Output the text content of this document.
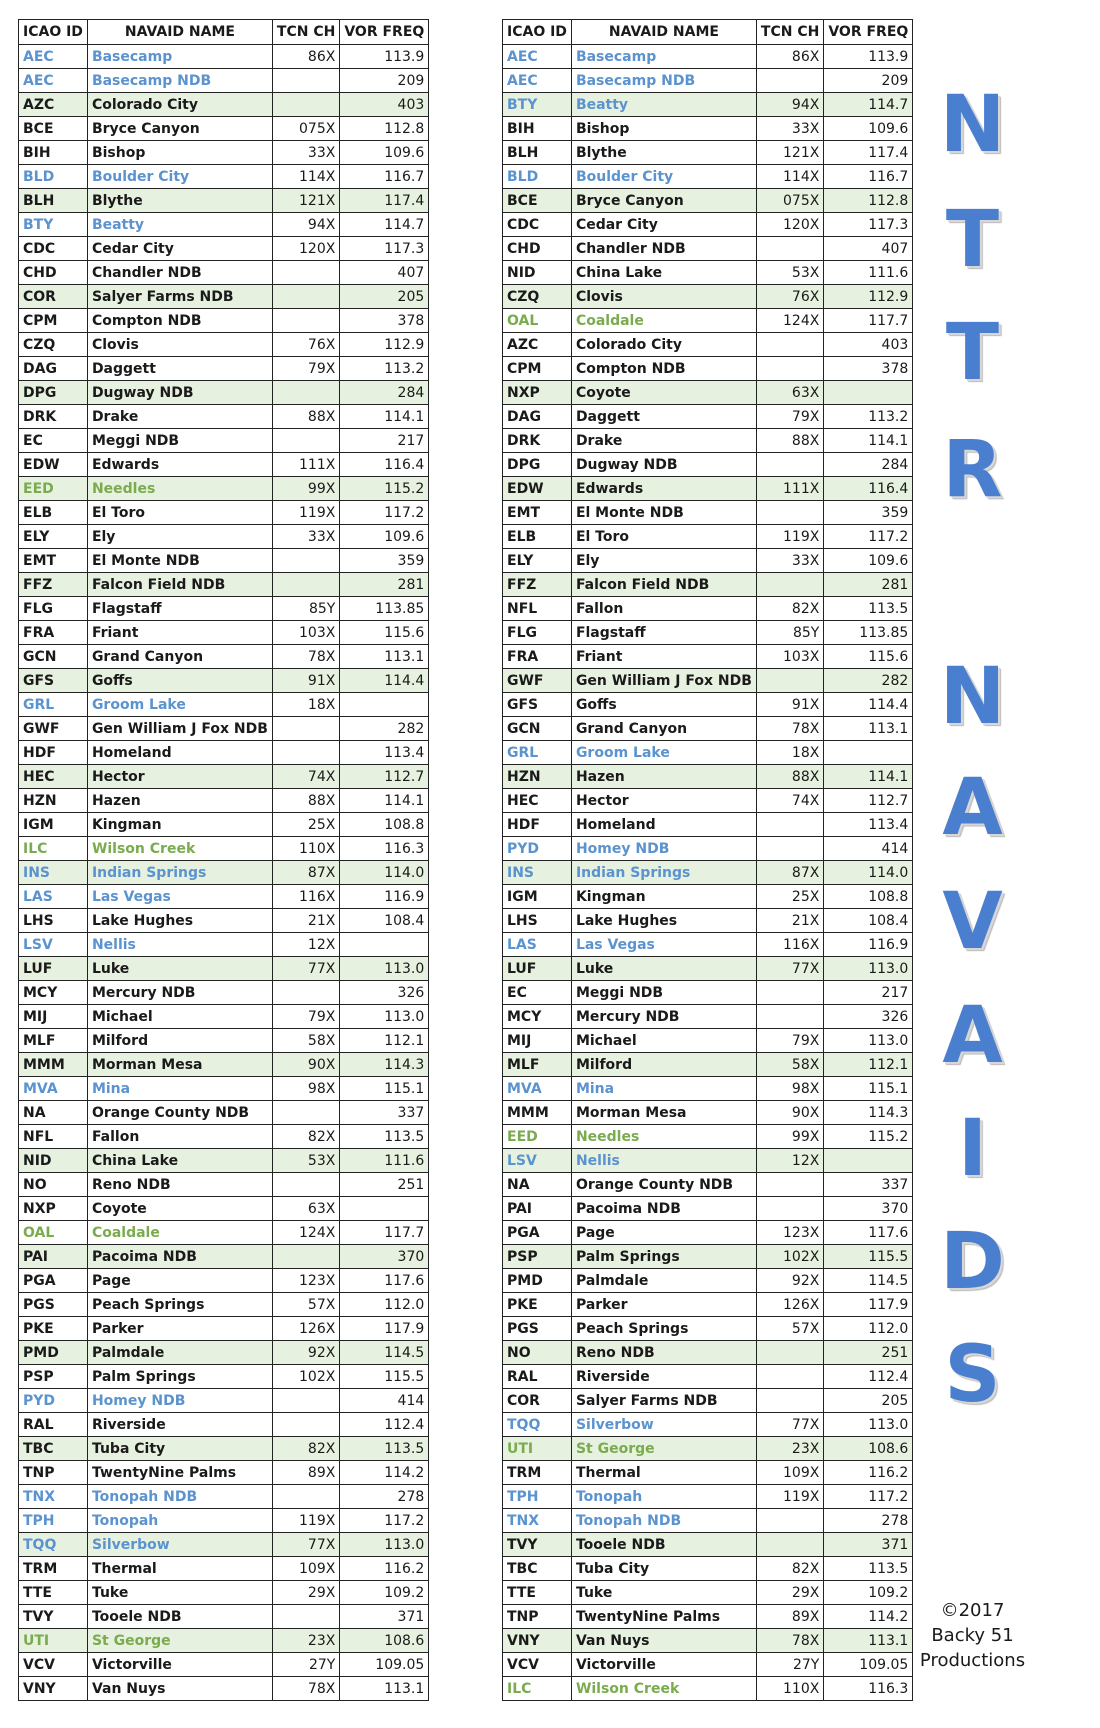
ICAO ID	NAVAID NAME	TCN CH	VOR FREQ
AEC	Basecamp	86X	113.9
AEC	Basecamp NDB		209
AZC	Colorado City		403
BCE	Bryce Canyon	075X	112.8
BIH	Bishop	33X	109.6
BLD	Boulder City	114X	116.7
BLH	Blythe	121X	117.4
BTY	Beatty	94X	114.7
CDC	Cedar City	120X	117.3
CHD	Chandler NDB		407
COR	Salyer Farms NDB		205
CPM	Compton NDB		378
CZQ	Clovis	76X	112.9
DAG	Daggett	79X	113.2
DPG	Dugway NDB		284
DRK	Drake	88X	114.1
EC	Meggi NDB		217
EDW	Edwards	111X	116.4
EED	Needles	99X	115.2
ELB	El Toro	119X	117.2
ELY	Ely	33X	109.6
EMT	El Monte NDB		359
FFZ	Falcon Field NDB		281
FLG	Flagstaff	85Y	113.85
FRA	Friant	103X	115.6
GCN	Grand Canyon	78X	113.1
GFS	Goffs	91X	114.4
GRL	Groom Lake	18X	
GWF	Gen William J Fox NDB		282
HDF	Homeland		113.4
HEC	Hector	74X	112.7
HZN	Hazen	88X	114.1
IGM	Kingman	25X	108.8
ILC	Wilson Creek	110X	116.3
INS	Indian Springs	87X	114.0
LAS	Las Vegas	116X	116.9
LHS	Lake Hughes	21X	108.4
LSV	Nellis	12X	
LUF	Luke	77X	113.0
MCY	Mercury NDB		326
MIJ	Michael	79X	113.0
MLF	Milford	58X	112.1
MMM	Morman Mesa	90X	114.3
MVA	Mina	98X	115.1
NA	Orange County NDB		337
NFL	Fallon	82X	113.5
NID	China Lake	53X	111.6
NO	Reno NDB		251
NXP	Coyote	63X	
OAL	Coaldale	124X	117.7
PAI	Pacoima NDB		370
PGA	Page	123X	117.6
PGS	Peach Springs	57X	112.0
PKE	Parker	126X	117.9
PMD	Palmdale	92X	114.5
PSP	Palm Springs	102X	115.5
PYD	Homey NDB		414
RAL	Riverside		112.4
TBC	Tuba City	82X	113.5
TNP	TwentyNine Palms	89X	114.2
TNX	Tonopah NDB		278
TPH	Tonopah	119X	117.2
TQQ	Silverbow	77X	113.0
TRM	Thermal	109X	116.2
TTE	Tuke	29X	109.2
TVY	Tooele NDB		371
UTI	St George	23X	108.6
VCV	Victorville	27Y	109.05
VNY	Van Nuys	78X	113.1
ICAO ID	NAVAID NAME	TCN CH	VOR FREQ
AEC	Basecamp	86X	113.9
AEC	Basecamp NDB		209
BTY	Beatty	94X	114.7
BIH	Bishop	33X	109.6
BLH	Blythe	121X	117.4
BLD	Boulder City	114X	116.7
BCE	Bryce Canyon	075X	112.8
CDC	Cedar City	120X	117.3
CHD	Chandler NDB		407
NID	China Lake	53X	111.6
CZQ	Clovis	76X	112.9
OAL	Coaldale	124X	117.7
AZC	Colorado City		403
CPM	Compton NDB		378
NXP	Coyote	63X	
DAG	Daggett	79X	113.2
DRK	Drake	88X	114.1
DPG	Dugway NDB		284
EDW	Edwards	111X	116.4
EMT	El Monte NDB		359
ELB	El Toro	119X	117.2
ELY	Ely	33X	109.6
FFZ	Falcon Field NDB		281
NFL	Fallon	82X	113.5
FLG	Flagstaff	85Y	113.85
FRA	Friant	103X	115.6
GWF	Gen William J Fox NDB		282
GFS	Goffs	91X	114.4
GCN	Grand Canyon	78X	113.1
GRL	Groom Lake	18X	
HZN	Hazen	88X	114.1
HEC	Hector	74X	112.7
HDF	Homeland		113.4
PYD	Homey NDB		414
INS	Indian Springs	87X	114.0
IGM	Kingman	25X	108.8
LHS	Lake Hughes	21X	108.4
LAS	Las Vegas	116X	116.9
LUF	Luke	77X	113.0
EC	Meggi NDB		217
MCY	Mercury NDB		326
MIJ	Michael	79X	113.0
MLF	Milford	58X	112.1
MVA	Mina	98X	115.1
MMM	Morman Mesa	90X	114.3
EED	Needles	99X	115.2
LSV	Nellis	12X	
NA	Orange County NDB		337
PAI	Pacoima NDB		370
PGA	Page	123X	117.6
PSP	Palm Springs	102X	115.5
PMD	Palmdale	92X	114.5
PKE	Parker	126X	117.9
PGS	Peach Springs	57X	112.0
NO	Reno NDB		251
RAL	Riverside		112.4
COR	Salyer Farms NDB		205
TQQ	Silverbow	77X	113.0
UTI	St George	23X	108.6
TRM	Thermal	109X	116.2
TPH	Tonopah	119X	117.2
TNX	Tonopah NDB		278
TVY	Tooele NDB		371
TBC	Tuba City	82X	113.5
TTE	Tuke	29X	109.2
TNP	TwentyNine Palms	89X	114.2
VNY	Van Nuys	78X	113.1
VCV	Victorville	27Y	109.05
ILC	Wilson Creek	110X	116.3
N
T
T
R
N
A
V
A
I
D
S
©2017
Backy 51
Productions
